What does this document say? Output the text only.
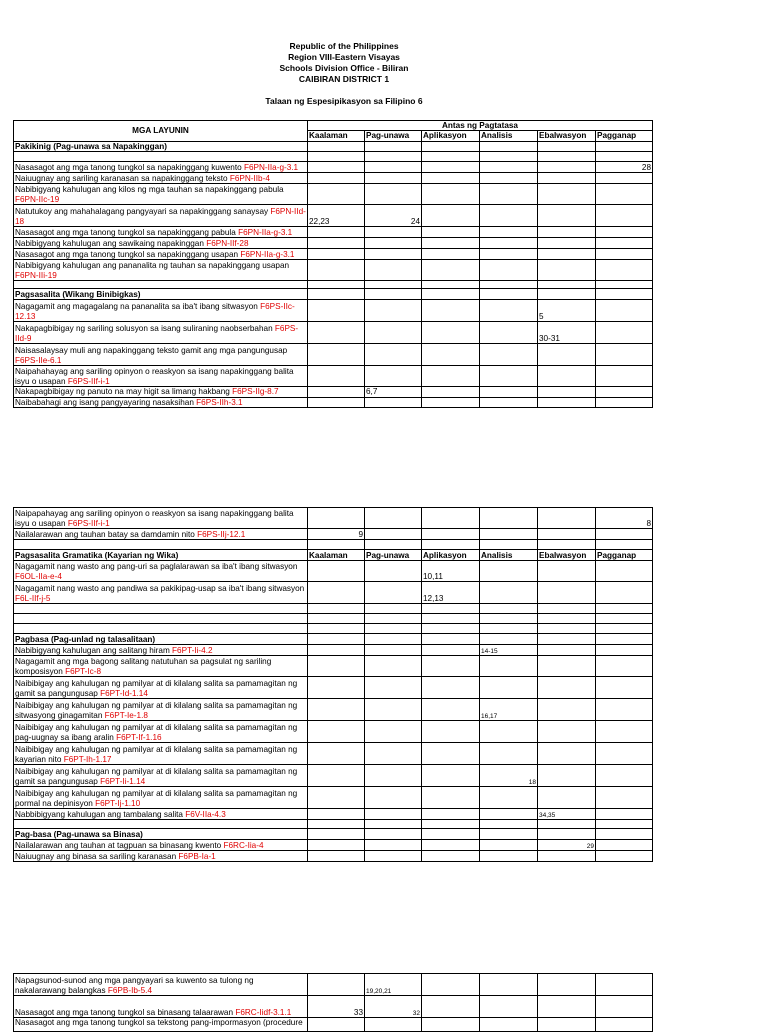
Republic of the Philippines
Region VIII-Eastern Visayas
Schools Division Office - Biliran
CAIBIRAN DISTRICT 1
Talaan ng Espesipikasyon sa Filipino 6
MGA LAYUNIN	Antas ng Pagtatasa					
	Kaalaman	Pag-unawa	Aplikasyon	Analisis	Ebalwasyon	Pagganap
Pakikinig (Pag-unawa sa Napakinggan)						

Nasasagot ang mga tanong tungkol sa napakinggang kuwento F6PN-IIa-g-3.1						28
Naiuugnay ang sariling karanasan sa napakinggang teksto F6PN-IIb-4						
Nabibigyang kahulugan ang kilos ng mga tauhan sa napakinggang pabula F6PN-IIc-19						
Natutukoy ang mahahalagang pangyayari sa napakinggang sanaysay F6PN-IId-18	22,23	24				
Nasasagot ang mga tanong tungkol sa napakinggang pabula F6PN-IIa-g-3.1						
Nabibigyang kahulugan ang sawikaing napakinggan F6PN-IIf-28						
Nasasagot ang mga tanong tungkol sa napakinggang usapan F6PN-IIa-g-3.1						
Nabibigyang kahulugan ang pananalita ng tauhan sa napakinggang usapan F6PN-IIi-19						

Pagsasalita (Wikang Binibigkas)						
Nagagamit ang magagalang na pananalita sa iba't ibang sitwasyon F6PS-IIc-12.13					5	
Nakapagbibigay ng sariling solusyon sa isang suliraning naobserbahan F6PS-IId-9					30-31	
Naisasalaysay muli ang napakinggang teksto gamit ang mga pangungusap F6PS-IIe-6.1						
Naipahahayag ang sariling opinyon o reaskyon sa isang napakinggang balita isyu o usapan F6PS-IIf-i-1						
Nakapagbibigay ng panuto na may higit sa limang hakbang F6PS-IIg-8.7		6,7				
Naibabahagi ang isang pangyayaring nasaksihan F6PS-IIh-3.1						
Naipapahayag ang sariling opinyon o reaskyon sa isang napakinggang balita isyu o usapan F6PS-IIf-i-1						8
Nailalarawan ang tauhan batay sa damdamin nito F6PS-IIj-12.1	9					

Pagsasalita Gramatika (Kayarian ng Wika)	Kaalaman	Pag-unawa	Aplikasyon	Analisis	Ebalwasyon	Pagganap
Nagagamit nang wasto ang pang-uri sa paglalarawan sa iba't ibang sitwasyon F6OL-IIa-e-4			10,11			
Nagagamit nang wasto ang pandiwa sa pakikipag-usap sa iba't ibang sitwasyon F6L-IIf-j-5			12,13			

Pagbasa (Pag-unlad ng talasalitaan)						
Nabibigyang kahulugan ang salitang hiram F6PT-Ii-4.2				14-15		
Nagagamit ang mga bagong salitang natutuhan sa pagsulat ng sariling komposisyon F6PT-Ic-8						
Naibibigay ang kahulugan ng pamilyar at di kilalang salita sa pamamagitan ng gamit sa pangungusap F6PT-Id-1.14						
Naibibigay ang kahulugan ng pamilyar at di kilalang salita sa pamamagitan ng sitwasyong ginagamitan F6PT-Ie-1.8				16,17		
Naibibigay ang kahulugan ng pamilyar at di kilalang salita sa pamamagitan ng pag-uugnay sa ibang aralin F6PT-If-1.16						
Naibibigay ang kahulugan ng pamilyar at di kilalang salita sa pamamagitan ng kayarian nito F6PT-Ih-1.17						
Naibibigay ang kahulugan ng pamilyar at di kilalang salita sa pamamagitan ng gamit sa pangungusap F6PT-Ii-1.14				18		
Naibibigay ang kahulugan ng pamilyar at di kilalang salita sa pamamagitan ng pormal na depinisyon F6PT-Ij-1.10						
Nabbibigyang kahulugan ang tambalang salita F6V-IIa-4.3					34,35	

Pag-basa (Pag-unawa sa Binasa)						
Nailalarawan ang tauhan at tagpuan sa binasang kwento F6RC-Iia-4					29	
Naiuugnay ang binasa sa sariling karanasan F6PB-Ia-1						
Napagsunod-sunod ang mga pangyayari sa kuwento sa tulong ng nakalarawang balangkas F6PB-Ib-5.4		19,20,21				
Nasasagot ang mga tanong tungkol sa binasang talaarawan F6RC-Iidf-3.1.1	33	32				
Nasasagot ang mga tanong tungkol sa tekstong pang-impormasyon (procedure						
